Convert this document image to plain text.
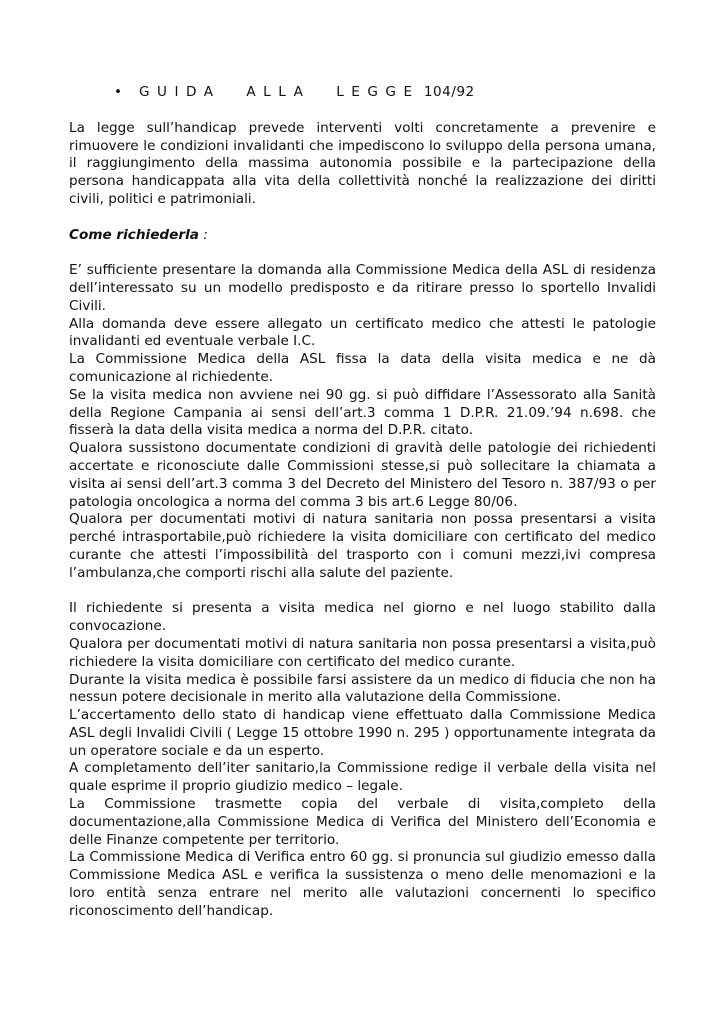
• GUIDA ALLA LEGGE 104/92

La legge sull’handicap prevede interventi volti concretamente a prevenire e rimuovere le condizioni invalidanti che impediscono lo sviluppo della persona umana, il raggiungimento della massima autonomia possibile e la partecipazione della persona handicappata alla vita della collettività nonché la realizzazione dei diritti civili, politici e patrimoniali.

Come richiederla :

E’ sufficiente presentare la domanda alla Commissione Medica della ASL di residenza dell’interessato su un modello predisposto e da ritirare presso lo sportello Invalidi Civili.

Alla domanda deve essere allegato un certificato medico che attesti le patologie invalidanti ed eventuale verbale I.C.

La Commissione Medica della ASL fissa la data della visita medica e ne dà comunicazione al richiedente.

Se la visita medica non avviene nei 90 gg. si può diffidare l’Assessorato alla Sanità della Regione Campania ai sensi dell’art.3 comma 1 D.P.R. 21.09.’94 n.698. che fisserà la data della visita medica a norma del D.P.R. citato.

Qualora sussistono documentate condizioni di gravità delle patologie dei richiedenti accertate e riconosciute dalle Commissioni stesse,si può sollecitare la chiamata a visita ai sensi dell’art.3 comma 3 del Decreto del Ministero del Tesoro n. 387/93 o per patologia oncologica a norma del comma 3 bis art.6 Legge 80/06.

Qualora per documentati motivi di natura sanitaria non possa presentarsi a visita perché intrasportabile,può richiedere la visita domiciliare con certificato del medico curante che attesti l’impossibilità del trasporto con i comuni mezzi,ivi compresa l’ambulanza,che comporti rischi alla salute del paziente.

Il richiedente si presenta a visita medica nel giorno e nel luogo stabilito dalla convocazione.

Qualora per documentati motivi di natura sanitaria non possa presentarsi a visita,può richiedere la visita domiciliare con certificato del medico curante.

Durante la visita medica è possibile farsi assistere da un medico di fiducia che non ha nessun potere decisionale in merito alla valutazione della Commissione.

L’accertamento dello stato di handicap viene effettuato dalla Commissione Medica ASL degli Invalidi Civili ( Legge 15 ottobre 1990 n. 295 ) opportunamente integrata da un operatore sociale e da un esperto.

A completamento dell’iter sanitario,la Commissione redige il verbale della visita nel quale esprime il proprio giudizio medico – legale.

La Commissione trasmette copia del verbale di visita,completo della documentazione,alla Commissione Medica di Verifica del Ministero dell’Economia e delle Finanze competente per territorio.

La Commissione Medica di Verifica entro 60 gg. si pronuncia sul giudizio emesso dalla Commissione Medica ASL e verifica la sussistenza o meno delle menomazioni e la loro entità senza entrare nel merito alle valutazioni concernenti lo specifico riconoscimento dell’handicap.
